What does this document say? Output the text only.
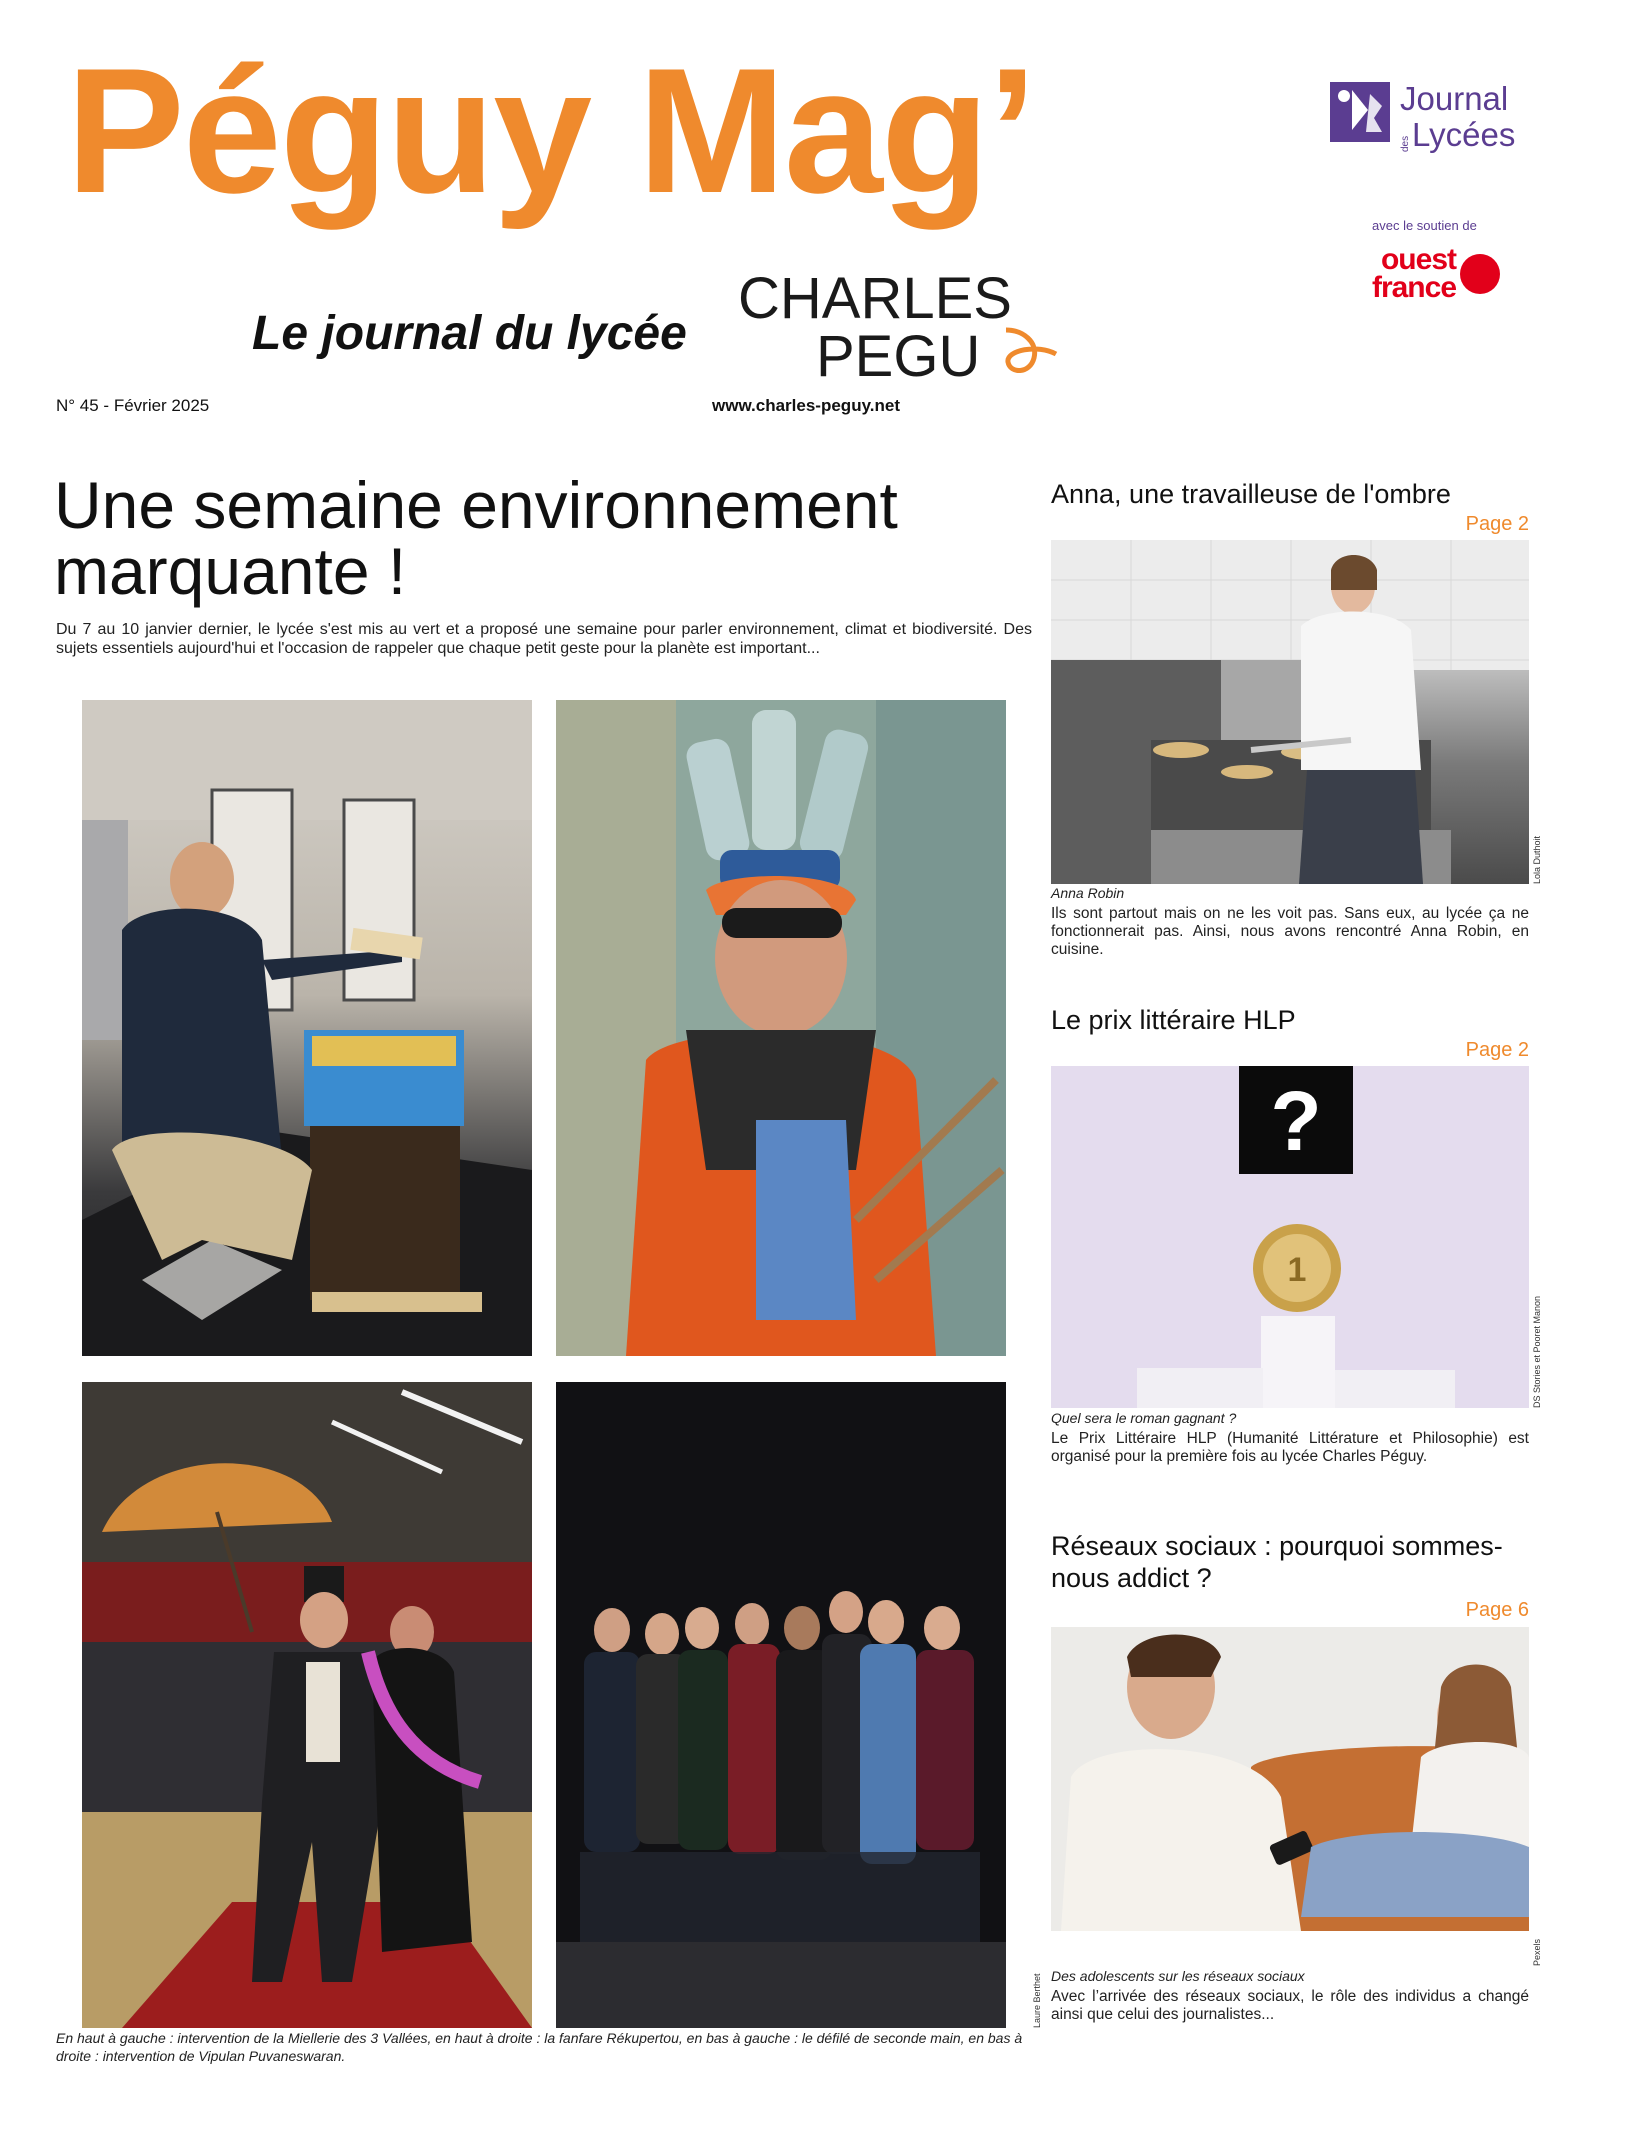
Péguy Mag’
Le journal du lycée
CHARLES
PEGU
N° 45 - Février 2025	www.charles-peguy.net
Journal
des Lycées
avec le soutien de
ouest
france
Une semaine environnement marquante !
Du 7 au 10 janvier dernier, le lycée s'est mis au vert et a proposé une semaine pour parler environnement, climat et biodiversité. Des sujets essentiels aujourd'hui et l'occasion de rappeler que chaque petit geste pour la planète est important...
En haut à gauche : intervention de la Miellerie des 3 Vallées, en haut à droite : la fanfare Rékupertou, en bas à gauche : le défilé de seconde main, en bas à droite : intervention de Vipulan Puvaneswaran.
Laure Berthet
Anna, une travailleuse de l'ombre
Page 2
Anna Robin
Ils sont partout mais on ne les voit pas. Sans eux, au lycée ça ne fonctionnerait pas. Ainsi, nous avons rencontré Anna Robin, en cuisine.
Lola Duthoit
Le prix littéraire HLP
Page 2
?
1
Quel sera le roman gagnant ?
Le Prix Littéraire HLP (Humanité Littérature et Philosophie) est organisé pour la première fois au lycée Charles Péguy.
DS Stories et Pooret Manon
Réseaux sociaux : pourquoi sommes-nous addict ?
Page 6
Des adolescents sur les réseaux sociaux
Avec l’arrivée des réseaux sociaux, le rôle des individus a changé ainsi que celui des journalistes...
Pexels
